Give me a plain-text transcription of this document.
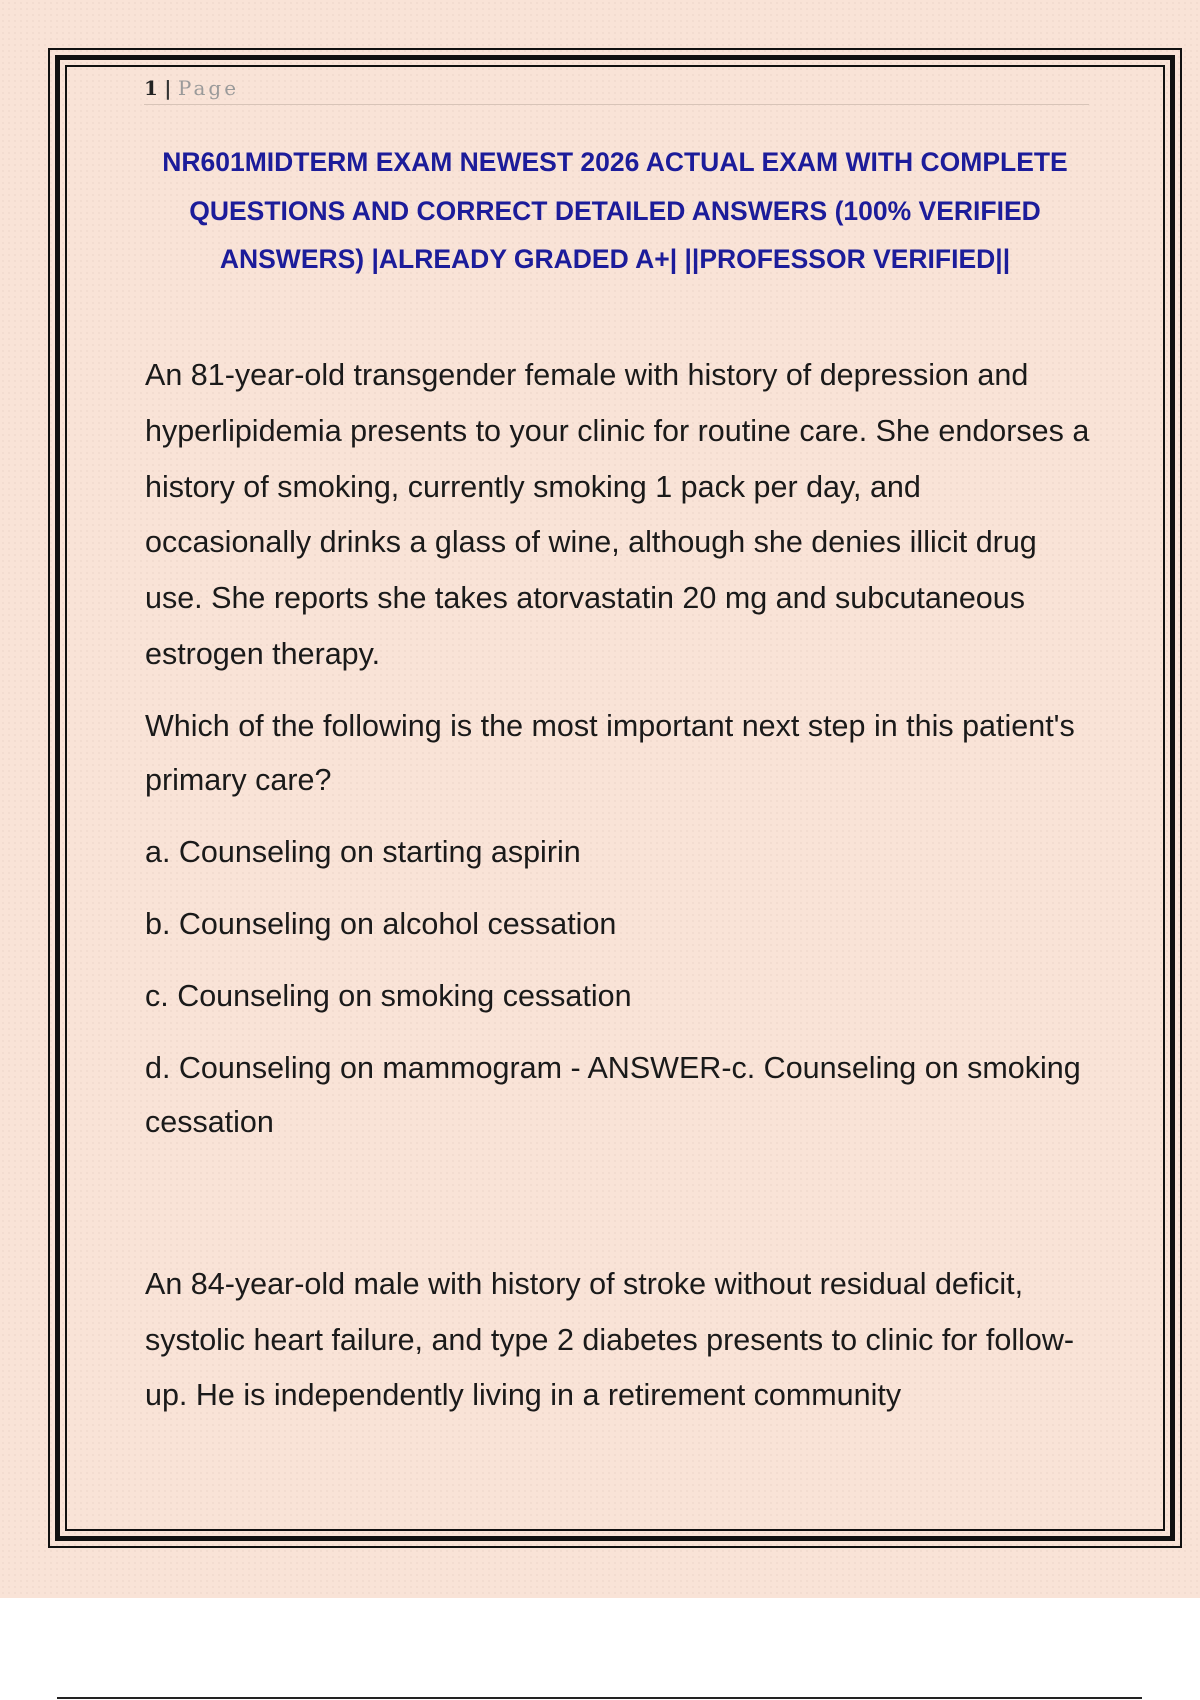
1 | Page
NR601MIDTERM EXAM NEWEST 2026 ACTUAL EXAM WITH COMPLETE QUESTIONS AND CORRECT DETAILED ANSWERS (100% VERIFIED ANSWERS) |ALREADY GRADED A+| ||PROFESSOR VERIFIED||

An 81-year-old transgender female with history of depression and hyperlipidemia presents to your clinic for routine care. She endorses a history of smoking, currently smoking 1 pack per day, and occasionally drinks a glass of wine, although she denies illicit drug use. She reports she takes atorvastatin 20 mg and subcutaneous estrogen therapy.

Which of the following is the most important next step in this patient's primary care?

a. Counseling on starting aspirin

b. Counseling on alcohol cessation

c. Counseling on smoking cessation

d. Counseling on mammogram - ANSWER-c. Counseling on smoking cessation

An 84-year-old male with history of stroke without residual deficit, systolic heart failure, and type 2 diabetes presents to clinic for follow-up. He is independently living in a retirement community
